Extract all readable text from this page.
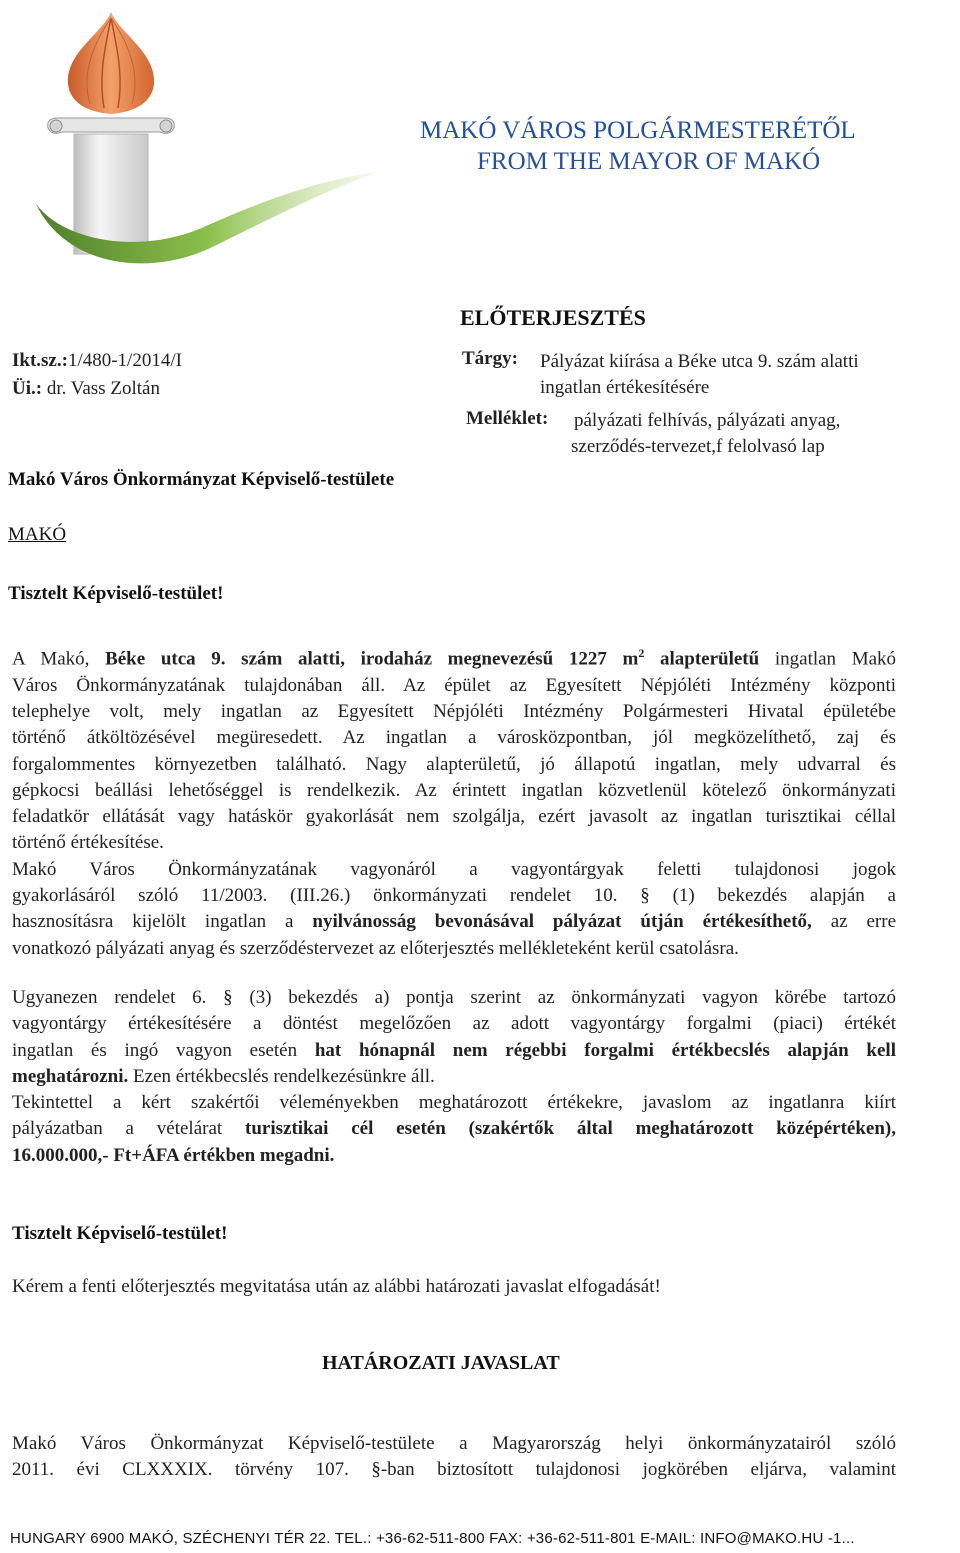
MAKÓ VÁROS POLGÁRMESTERÉTŐL
FROM THE MAYOR OF MAKÓ
ELŐTERJESZTÉS
Ikt.sz.:1/480-1/2014/I
Üi.: dr. Vass Zoltán
Tárgy: Pályázat kiírása a Béke utca 9. szám alatti
ingatlan értékesítésére
Melléklet: pályázati felhívás, pályázati anyag,
szerződés-tervezet,f felolvasó lap
Makó Város Önkormányzat Képviselő-testülete
MAKÓ
Tisztelt Képviselő-testület!
A Makó, Béke utca 9. szám alatti, irodaház megnevezésű 1227 $m^2$ alapterületű ingatlan Makó
Város Önkormányzatának tulajdonában áll. Az épület az Egyesített Népjóléti Intézmény központi
telephelye volt, mely ingatlan az Egyesített Népjóléti Intézmény Polgármesteri Hivatal épületébe
történő átköltözésével megüresedett. Az ingatlan a városközpontban, jól megközelíthető, zaj és
forgalommentes környezetben található. Nagy alapterületű, jó állapotú ingatlan, mely udvarral és
gépkocsi beállási lehetőséggel is rendelkezik. Az érintett ingatlan közvetlenül kötelező önkormányzati
feladatkör ellátását vagy hatáskör gyakorlását nem szolgálja, ezért javasolt az ingatlan turisztikai céllal
történő értékesítése.
Makó Város Önkormányzatának vagyonáról a vagyontárgyak feletti tulajdonosi jogok
gyakorlásáról szóló 11/2003. (III.26.) önkormányzati rendelet 10. § (1) bekezdés alapján a
hasznosításra kijelölt ingatlan a nyilvánosság bevonásával pályázat útján értékesíthető, az erre
vonatkozó pályázati anyag és szerződéstervezet az előterjesztés mellékleteként kerül csatolásra.
Ugyanezen rendelet 6. § (3) bekezdés a) pontja szerint az önkormányzati vagyon körébe tartozó
vagyontárgy értékesítésére a döntést megelőzően az adott vagyontárgy forgalmi (piaci) értékét
ingatlan és ingó vagyon esetén hat hónapnál nem régebbi forgalmi értékbecslés alapján kell
meghatározni. Ezen értékbecslés rendelkezésünkre áll.
Tekintettel a kért szakértői véleményekben meghatározott értékekre, javaslom az ingatlanra kiírt
pályázatban a vételárat turisztikai cél esetén (szakértők által meghatározott középértéken),
16.000.000,- Ft+ÁFA értékben megadni.
Tisztelt Képviselő-testület!
Kérem a fenti előterjesztés megvitatása után az alábbi határozati javaslat elfogadását!
HATÁROZATI JAVASLAT
Makó Város Önkormányzat Képviselő-testülete a Magyarország helyi önkormányzatairól szóló
2011. évi CLXXXIX. törvény 107. §-ban biztosított tulajdonosi jogkörében eljárva, valamint
HUNGARY 6900 MAKÓ, SZÉCHENYI TÉR 22. TEL.: +36-62-511-800 FAX: +36-62-511-801 E-MAIL: INFO@MAKO.HU -1...
